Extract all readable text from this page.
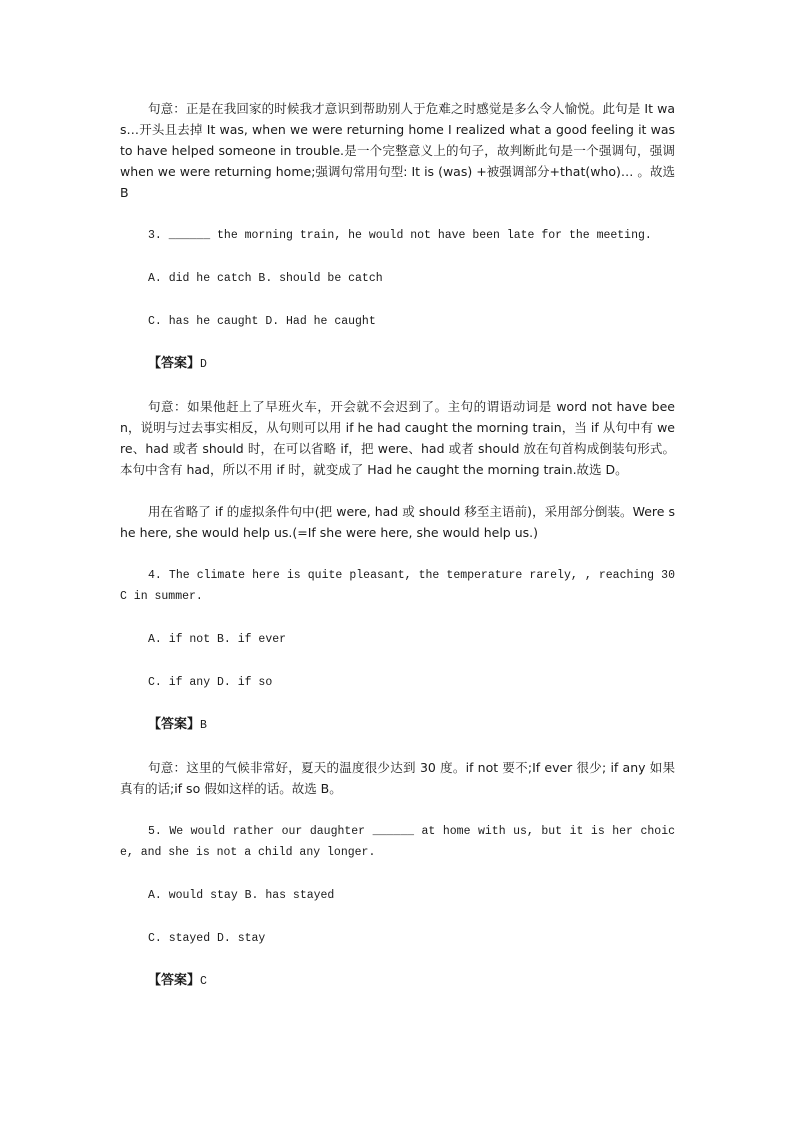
句意：正是在我回家的时候我才意识到帮助别人于危难之时感觉是多么令人愉悦。此句是 It was…开头且去掉 It was, when we were returning home I realized what a good feeling it was to have helped someone in trouble.是一个完整意义上的句子，故判断此句是一个强调句，强调 when we were returning home;强调句常用句型: It is (was) +被强调部分+that(who)… 。故选 B

3. ______ the morning train, he would not have been late for the meeting.

A. did he catch B. should be catch

C. has he caught D. Had he caught

【答案】D

句意：如果他赶上了早班火车，开会就不会迟到了。主句的谓语动词是 word not have been，说明与过去事实相反，从句则可以用 if he had caught the morning train，当 if 从句中有 were、had 或者 should 时，在可以省略 if，把 were、had 或者 should 放在句首构成倒装句形式。本句中含有 had，所以不用 if 时，就变成了 Had he caught the morning train.故选 D。

用在省略了 if 的虚拟条件句中(把 were, had 或 should 移至主语前)，采用部分倒装。Were she here, she would help us.(=If she were here, she would help us.)

4. The climate here is quite pleasant, the temperature rarely, , reaching 30C in summer.

A. if not B. if ever

C. if any D. if so

【答案】B

句意：这里的气候非常好，夏天的温度很少达到 30 度。if not 要不;If ever 很少; if any 如果真有的话;if so 假如这样的话。故选 B。

5. We would rather our daughter ______ at home with us, but it is her choice, and she is not a child any longer.

A. would stay B. has stayed

C. stayed D. stay

【答案】C
